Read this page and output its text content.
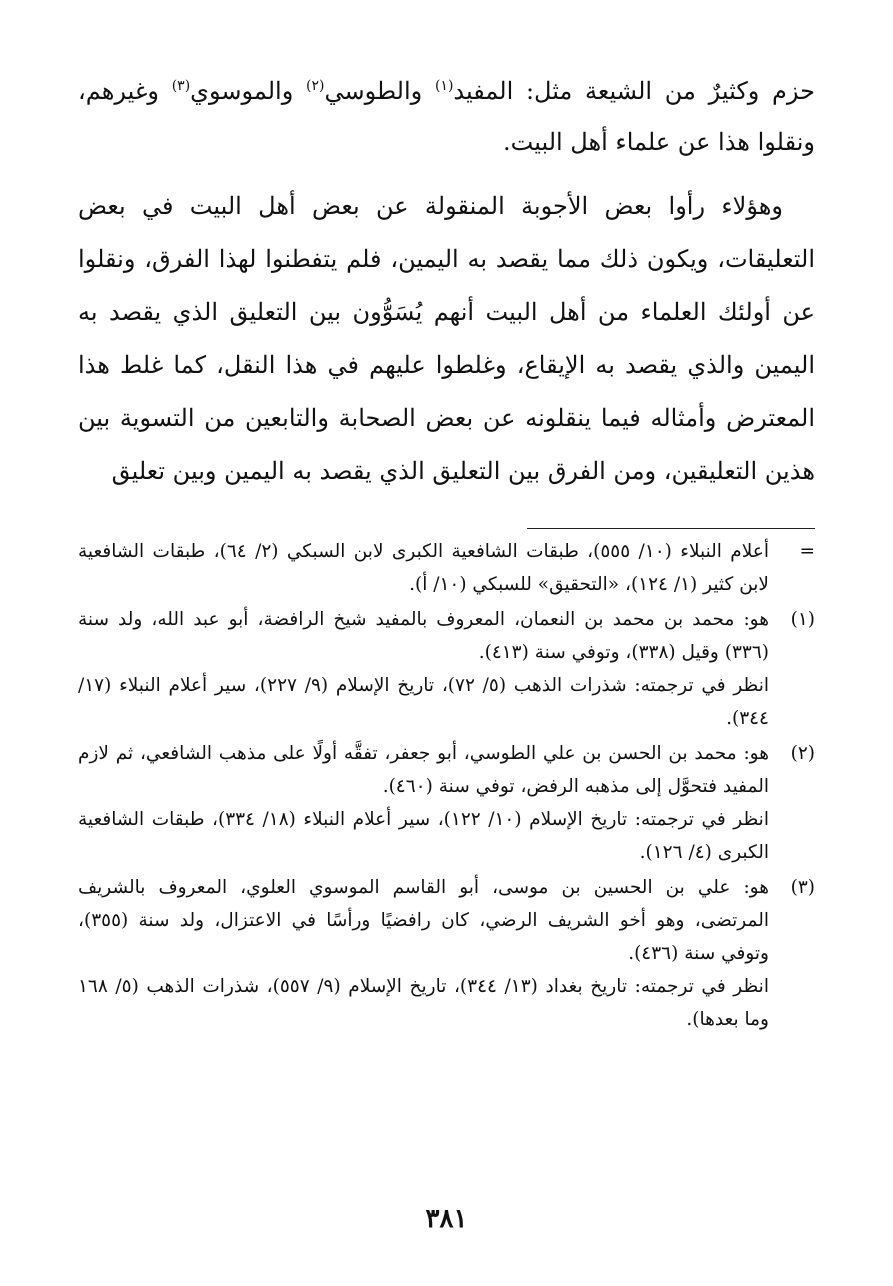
حزم وكثيرٌ من الشيعة مثل: المفيد$^{(١)}$ والطوسي$^{(٢)}$ والموسوي$^{(٣)}$ وغيرهم، ونقلوا هذا عن علماء أهل البيت.

وهؤلاء رأوا بعض الأجوبة المنقولة عن بعض أهل البيت في بعض التعليقات، ويكون ذلك مما يقصد به اليمين، فلم يتفطنوا لهذا الفرق، ونقلوا عن أولئك العلماء من أهل البيت أنهم يُسَوُّون بين التعليق الذي يقصد به اليمين والذي يقصد به الإيقاع، وغلطوا عليهم في هذا النقل، كما غلط هذا المعترض وأمثاله فيما ينقلونه عن بعض الصحابة والتابعين من التسوية بين هذين التعليقين، ومن الفرق بين التعليق الذي يقصد به اليمين وبين تعليق

=

أعلام النبلاء (١٠/ ٥٥٥)، طبقات الشافعية الكبرى لابن السبكي (٢/ ٦٤)، طبقات الشافعية لابن كثير (١/ ١٢٤)، «التحقيق» للسبكي (١٠/ أ).

(١)

هو: محمد بن محمد بن النعمان، المعروف بالمفيد شيخ الرافضة، أبو عبد الله، ولد سنة (٣٣٦) وقيل (٣٣٨)، وتوفي سنة (٤١٣).

انظر في ترجمته: شذرات الذهب (٥/ ٧٢)، تاريخ الإسلام (٩/ ٢٢٧)، سير أعلام النبلاء (١٧/ ٣٤٤).

(٢)

هو: محمد بن الحسن بن علي الطوسي، أبو جعفر، تفقَّه أولًا على مذهب الشافعي، ثم لازم المفيد فتحوَّل إلى مذهبه الرفض، توفي سنة (٤٦٠).

انظر في ترجمته: تاريخ الإسلام (١٠/ ١٢٢)، سير أعلام النبلاء (١٨/ ٣٣٤)، طبقات الشافعية الكبرى (٤/ ١٢٦).

(٣)

هو: علي بن الحسين بن موسى، أبو القاسم الموسوي العلوي، المعروف بالشريف المرتضى، وهو أخو الشريف الرضي، كان رافضيًا ورأسًا في الاعتزال، ولد سنة (٣٥٥)، وتوفي سنة (٤٣٦).

انظر في ترجمته: تاريخ بغداد (١٣/ ٣٤٤)، تاريخ الإسلام (٩/ ٥٥٧)، شذرات الذهب (٥/ ١٦٨ وما بعدها).

٣٨١
